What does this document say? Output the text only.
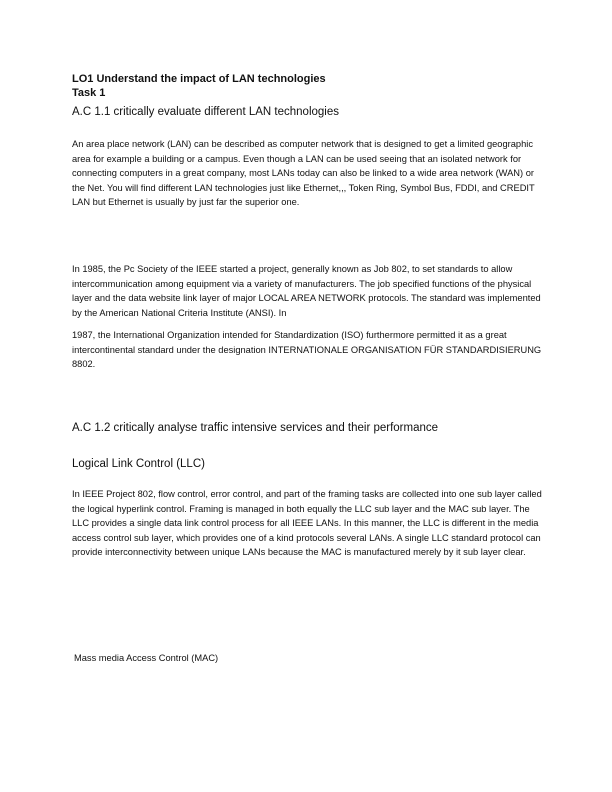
LO1 Understand the impact of LAN technologies

Task 1

A.C 1.1 critically evaluate different LAN technologies

An area place network (LAN) can be described as computer network that is designed to get a limited geographic area for example a building or a campus. Even though a LAN can be used seeing that an isolated network for connecting computers in a great company, most LANs today can also be linked to a wide area network (WAN) or the Net. You will find different LAN technologies just like Ethernet,,, Token Ring, Symbol Bus, FDDI, and CREDIT LAN but Ethernet is usually by just far the superior one.

In 1985, the Pc Society of the IEEE started a project, generally known as Job 802, to set standards to allow intercommunication among equipment via a variety of manufacturers. The job specified functions of the physical layer and the data website link layer of major LOCAL AREA NETWORK protocols. The standard was implemented by the American National Criteria Institute (ANSI). In

1987, the International Organization intended for Standardization (ISO) furthermore permitted it as a great intercontinental standard under the designation INTERNATIONALE ORGANISATION FÜR STANDARDISIERUNG 8802.

A.C 1.2 critically analyse traffic intensive services and their performance

Logical Link Control (LLC)

In IEEE Project 802, flow control, error control, and part of the framing tasks are collected into one sub layer called the logical hyperlink control. Framing is managed in both equally the LLC sub layer and the MAC sub layer. The LLC provides a single data link control process for all IEEE LANs. In this manner, the LLC is different in the media access control sub layer, which provides one of a kind protocols several LANs. A single LLC standard protocol can provide interconnectivity between unique LANs because the MAC is manufactured merely by it sub layer clear.

Mass media Access Control (MAC)
